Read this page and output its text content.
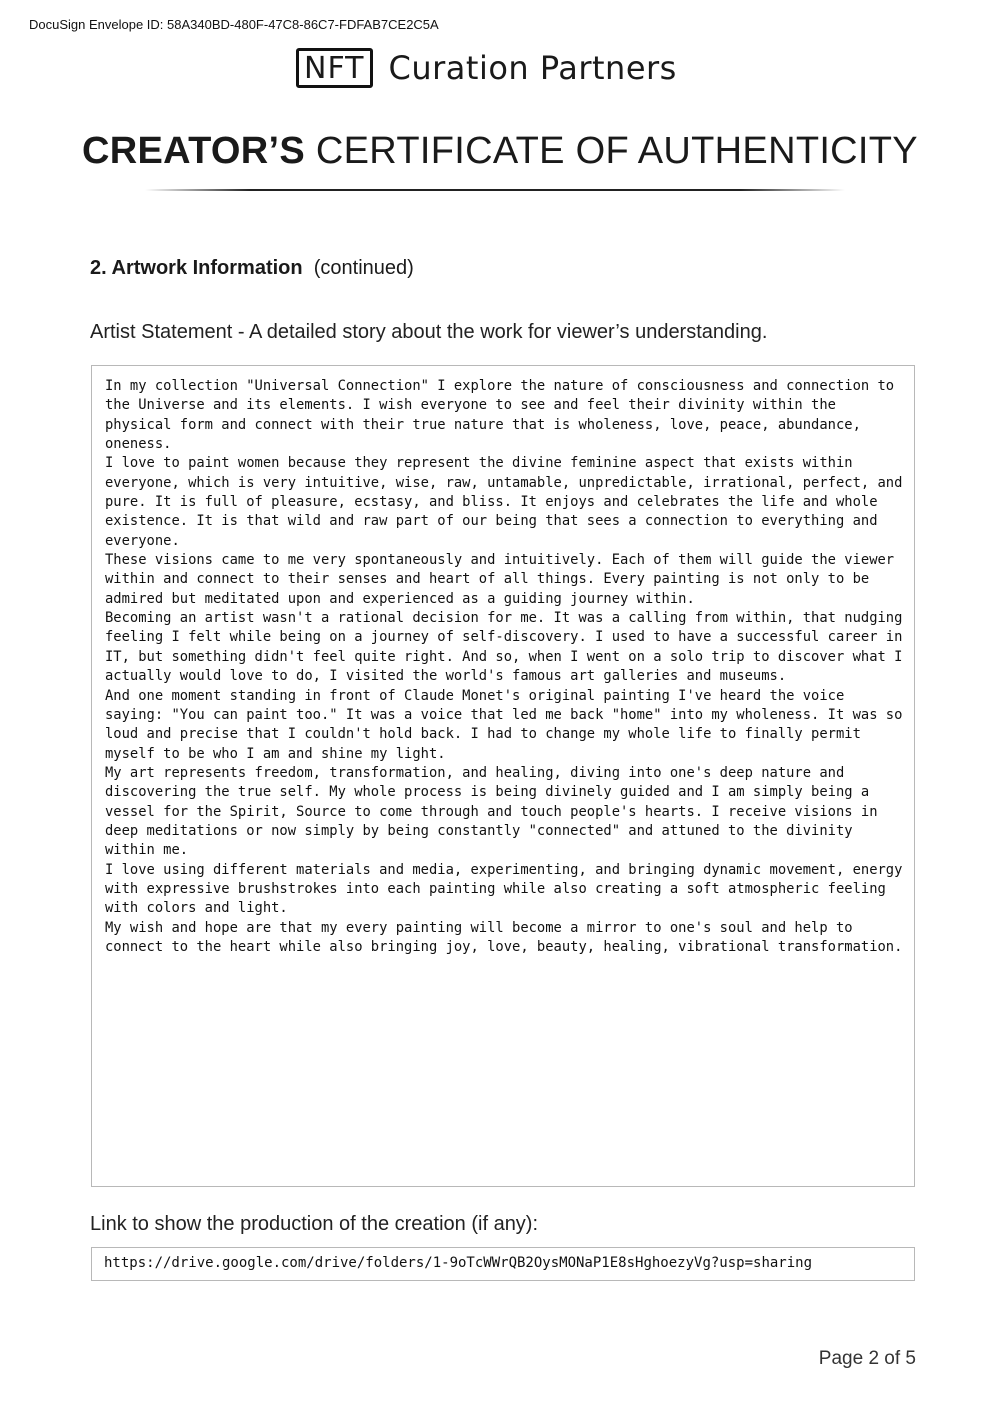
DocuSign Envelope ID: 58A340BD-480F-47C8-86C7-FDFAB7CE2C5A
NFT Curation Partners
CREATOR’S CERTIFICATE OF AUTHENTICITY
2. Artwork Information (continued)
Artist Statement - A detailed story about the work for viewer’s understanding.

In my collection "Universal Connection" I explore the nature of consciousness and connection to the Universe and its elements. I wish everyone to see and feel their divinity within the physical form and connect with their true nature that is wholeness, love, peace, abundance, oneness.

I love to paint women because they represent the divine feminine aspect that exists within everyone, which is very intuitive, wise, raw, untamable, unpredictable, irrational, perfect, and pure. It is full of pleasure, ecstasy, and bliss. It enjoys and celebrates the life and whole existence. It is that wild and raw part of our being that sees a connection to everything and everyone.

These visions came to me very spontaneously and intuitively. Each of them will guide the viewer within and connect to their senses and heart of all things. Every painting is not only to be admired but meditated upon and experienced as a guiding journey within.

Becoming an artist wasn't a rational decision for me. It was a calling from within, that nudging feeling I felt while being on a journey of self-discovery. I used to have a successful career in IT, but something didn't feel quite right. And so, when I went on a solo trip to discover what I actually would love to do, I visited the world's famous art galleries and museums.

And one moment standing in front of Claude Monet's original painting I've heard the voice saying: "You can paint too." It was a voice that led me back "home" into my wholeness. It was so loud and precise that I couldn't hold back. I had to change my whole life to finally permit myself to be who I am and shine my light.

My art represents freedom, transformation, and healing, diving into one's deep nature and discovering the true self. My whole process is being divinely guided and I am simply being a vessel for the Spirit, Source to come through and touch people's hearts. I receive visions in deep meditations or now simply by being constantly "connected" and attuned to the divinity within me.

I love using different materials and media, experimenting, and bringing dynamic movement, energy with expressive brushstrokes into each painting while also creating a soft atmospheric feeling with colors and light.

My wish and hope are that my every painting will become a mirror to one's soul and help to connect to the heart while also bringing joy, love, beauty, healing, vibrational transformation.

Link to show the production of the creation (if any):
https://drive.google.com/drive/folders/1-9oTcWWrQB2OysMONaP1E8sHghoezyVg?usp=sharing
Page 2 of 5
